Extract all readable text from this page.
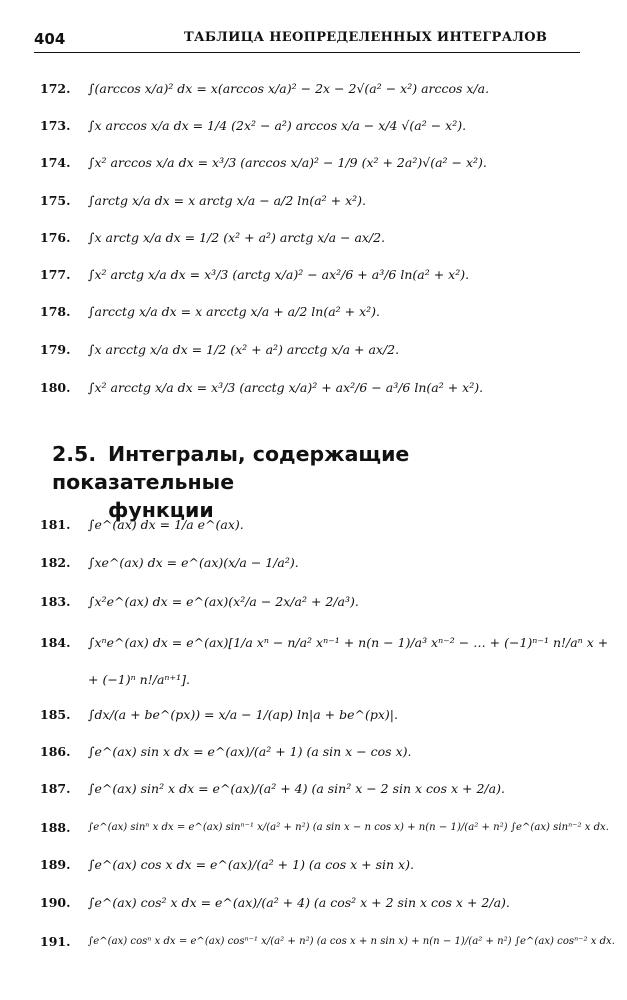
404	ТАБЛИЦА НЕОПРЕДЕЛЕННЫХ ИНТЕГРАЛОВ
172.	∫(arccos x/a)² dx = x(arccos x/a)² − 2x − 2√(a² − x²) arccos x/a.
173.	∫x arccos x/a dx = 1/4 (2x² − a²) arccos x/a − x/4 √(a² − x²).
174.	∫x² arccos x/a dx = x³/3 (arccos x/a)² − 1/9 (x² + 2a²)√(a² − x²).
175.	∫arctg x/a dx = x arctg x/a − a/2 ln(a² + x²).
176.	∫x arctg x/a dx = 1/2 (x² + a²) arctg x/a − ax/2.
177.	∫x² arctg x/a dx = x³/3 (arctg x/a)² − ax²/6 + a³/6 ln(a² + x²).
178.	∫arcctg x/a dx = x arcctg x/a + a/2 ln(a² + x²).
179.	∫x arcctg x/a dx = 1/2 (x² + a²) arcctg x/a + ax/2.
180.	∫x² arcctg x/a dx = x³/3 (arcctg x/a)² + ax²/6 − a³/6 ln(a² + x²).
2.5. Интегралы, содержащие показательные
функции
181.	∫e^(ax) dx = 1/a e^(ax).
182.	∫xe^(ax) dx = e^(ax)(x/a − 1/a²).
183.	∫x²e^(ax) dx = e^(ax)(x²/a − 2x/a² + 2/a³).
184.	∫xⁿe^(ax) dx = e^(ax)[1/a xⁿ − n/a² xⁿ⁻¹ + n(n − 1)/a³ xⁿ⁻² − … + (−1)ⁿ⁻¹ n!/aⁿ x +
+ (−1)ⁿ n!/aⁿ⁺¹].
185.	∫dx/(a + be^(px)) = x/a − 1/(ap) ln|a + be^(px)|.
186.	∫e^(ax) sin x dx = e^(ax)/(a² + 1) (a sin x − cos x).
187.	∫e^(ax) sin² x dx = e^(ax)/(a² + 4) (a sin² x − 2 sin x cos x + 2/a).
188.	∫e^(ax) sinⁿ x dx = e^(ax) sinⁿ⁻¹ x/(a² + n²) (a sin x − n cos x) + n(n − 1)/(a² + n²) ∫e^(ax) sinⁿ⁻² x dx.
189.	∫e^(ax) cos x dx = e^(ax)/(a² + 1) (a cos x + sin x).
190.	∫e^(ax) cos² x dx = e^(ax)/(a² + 4) (a cos² x + 2 sin x cos x + 2/a).
191.	∫e^(ax) cosⁿ x dx = e^(ax) cosⁿ⁻¹ x/(a² + n²) (a cos x + n sin x) + n(n − 1)/(a² + n²) ∫e^(ax) cosⁿ⁻² x dx.
